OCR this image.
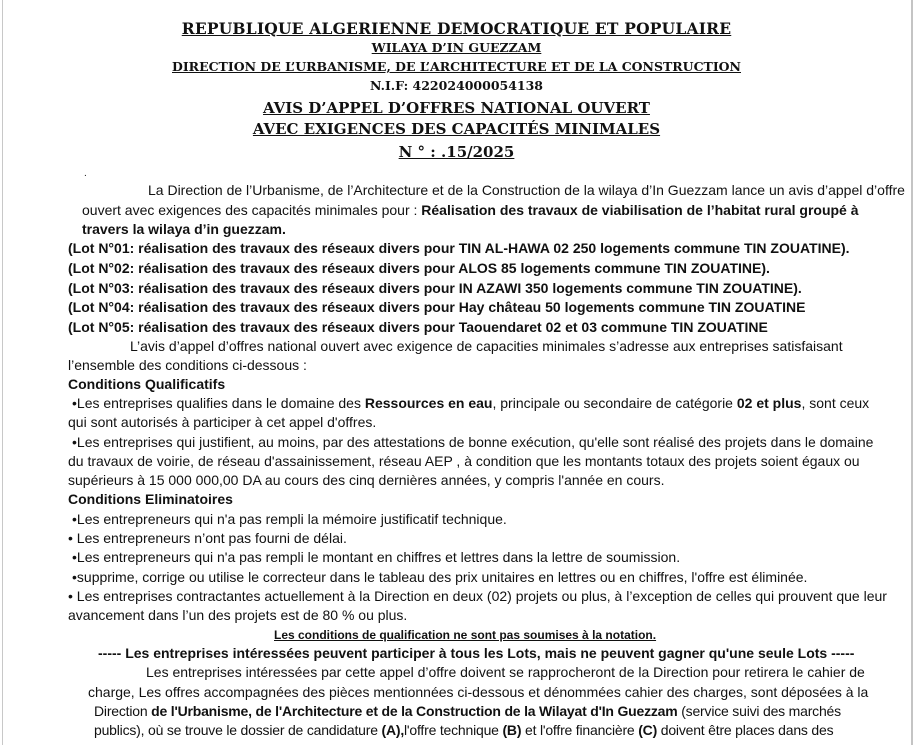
REPUBLIQUE ALGERIENNE DEMOCRATIQUE ET POPULAIRE
WILAYA D’IN GUEZZAM
DIRECTION DE L’URBANISME, DE L’ARCHITECTURE ET DE LA CONSTRUCTION
N.I.F: 422024000054138
AVIS D’APPEL D’OFFRES NATIONAL OUVERT
AVEC EXIGENCES DES CAPACITÉS MINIMALES
N ° : .15/2025
.
La Direction de l’Urbanisme, de l’Architecture et de la Construction de la wilaya d’In Guezzam lance un avis d’appel d’offre
ouvert avec exigences des capacités minimales pour : Réalisation des travaux de viabilisation de l’habitat rural groupé à
travers la wilaya d’in guezzam.
(Lot N°01: réalisation des travaux des réseaux divers pour TIN AL-HAWA 02 250 logements commune TIN ZOUATINE).
(Lot N°02: réalisation des travaux des réseaux divers pour ALOS 85 logements commune TIN ZOUATINE).
(Lot N°03: réalisation des travaux des réseaux divers pour IN AZAWI 350 logements commune TIN ZOUATINE).
(Lot N°04: réalisation des travaux des réseaux divers pour Hay château 50 logements commune TIN ZOUATINE
(Lot N°05: réalisation des travaux des réseaux divers pour Taouendaret 02 et 03 commune TIN ZOUATINE
L’avis d’appel d’offres national ouvert avec exigence de capacities minimales s’adresse aux entreprises satisfaisant
l’ensemble des conditions ci-dessous :
Conditions Qualificatifs
•Les entreprises qualifies dans le domaine des Ressources en eau, principale ou secondaire de catégorie 02 et plus, sont ceux
qui sont autorisés à participer à cet appel d'offres.
•Les entreprises qui justifient, au moins, par des attestations de bonne exécution, qu'elle sont réalisé des projets dans le domaine
du travaux de voirie, de réseau d'assainissement, réseau AEP , à condition que les montants totaux des projets soient égaux ou
supérieurs à 15 000 000,00 DA au cours des cinq dernières années, y compris l'année en cours.
Conditions Eliminatoires
•Les entrepreneurs qui n'a pas rempli la mémoire justificatif technique.
• Les entrepreneurs n’ont pas fourni de délai.
•Les entrepreneurs qui n'a pas rempli le montant en chiffres et lettres dans la lettre de soumission.
•supprime, corrige ou utilise le correcteur dans le tableau des prix unitaires en lettres ou en chiffres, l'offre est éliminée.
• Les entreprises contractantes actuellement à la Direction en deux (02) projets ou plus, à l’exception de celles qui prouvent que leur
avancement dans l’un des projets est de 80 % ou plus.
Les conditions de qualification ne sont pas soumises à la notation.
----- Les entreprises intéressées peuvent participer à tous les Lots, mais ne peuvent gagner qu'une seule Lots -----
Les entreprises intéressées par cette appel d’offre doivent se rapprocheront de la Direction pour retirera le cahier de
charge, Les offres accompagnées des pièces mentionnées ci-dessous et dénommées cahier des charges, sont déposées à la
Direction de l'Urbanisme, de l'Architecture et de la Construction de la Wilayat d'In Guezzam (service suivi des marchés
publics), où se trouve le dossier de candidature (A),l'offre technique (B) et l'offre financière (C) doivent être places dans des
